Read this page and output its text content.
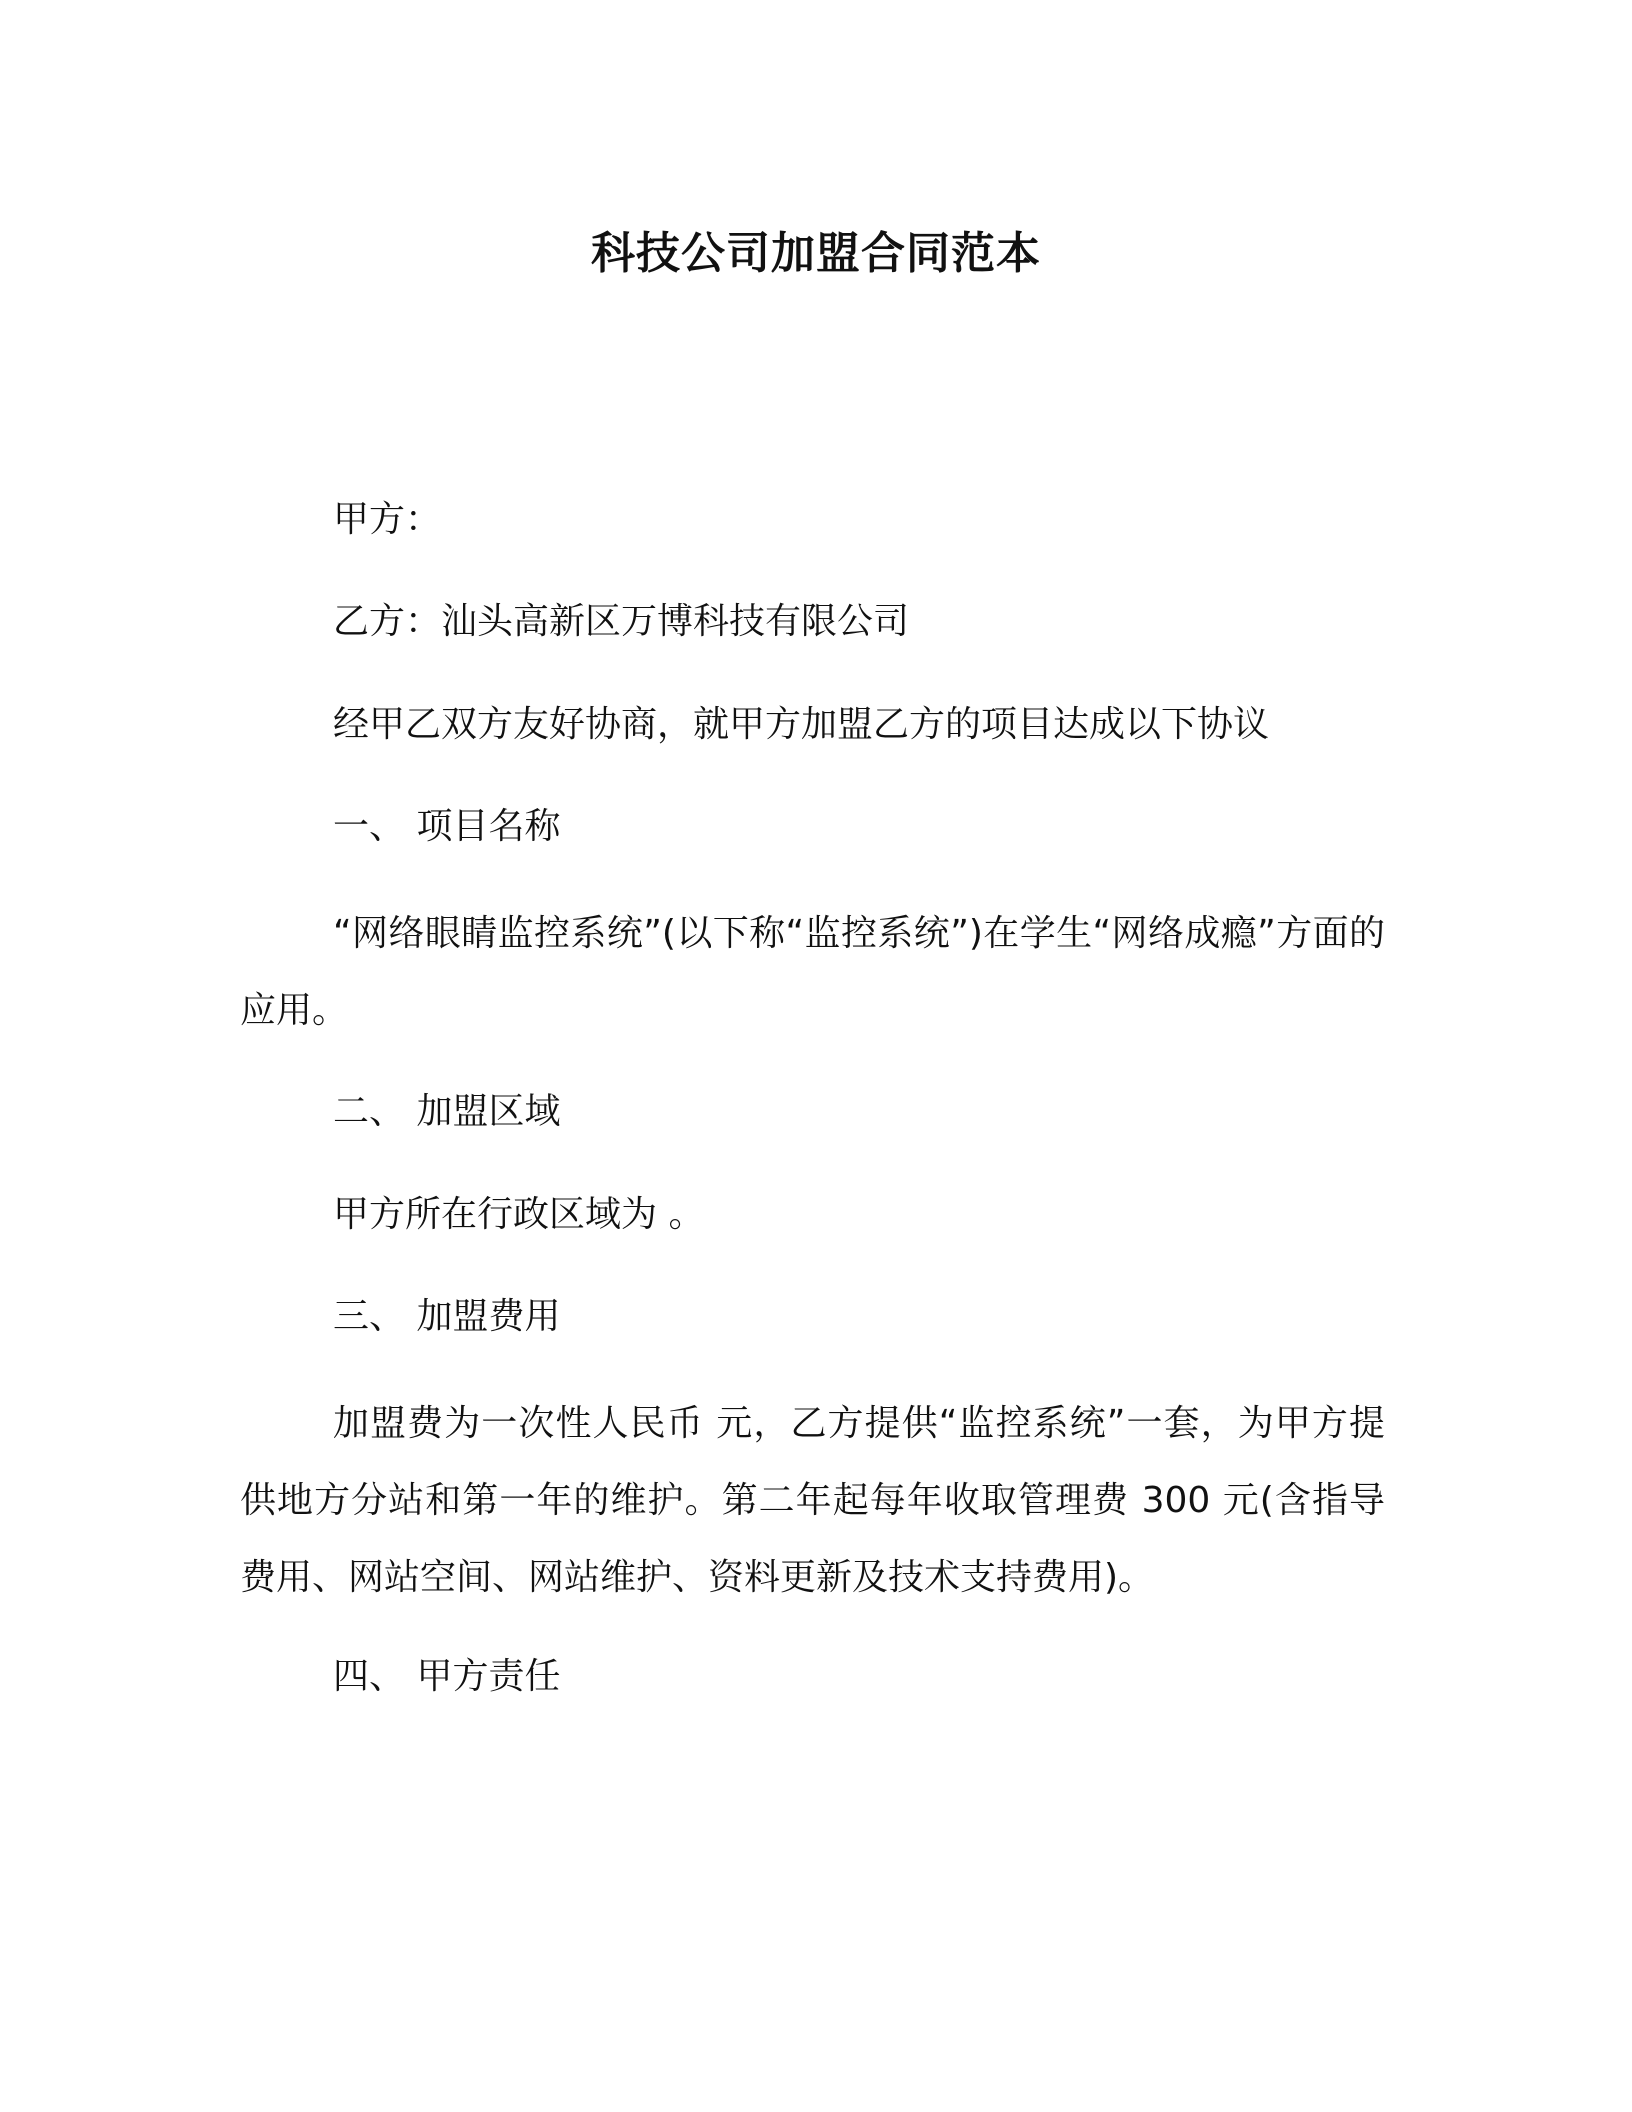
科技公司加盟合同范本

甲方：

乙方：汕头高新区万博科技有限公司

经甲乙双方友好协商，就甲方加盟乙方的项目达成以下协议

一、 项目名称

“网络眼睛监控系统”(以下称“监控系统”)在学生“网络成瘾”方面的应用。

二、 加盟区域

甲方所在行政区域为 。

三、 加盟费用

加盟费为一次性人民币 元，乙方提供“监控系统”一套，为甲方提供地方分站和第一年的维护。第二年起每年收取管理费 300 元(含指导费用、网站空间、网站维护、资料更新及技术支持费用)。

四、 甲方责任
